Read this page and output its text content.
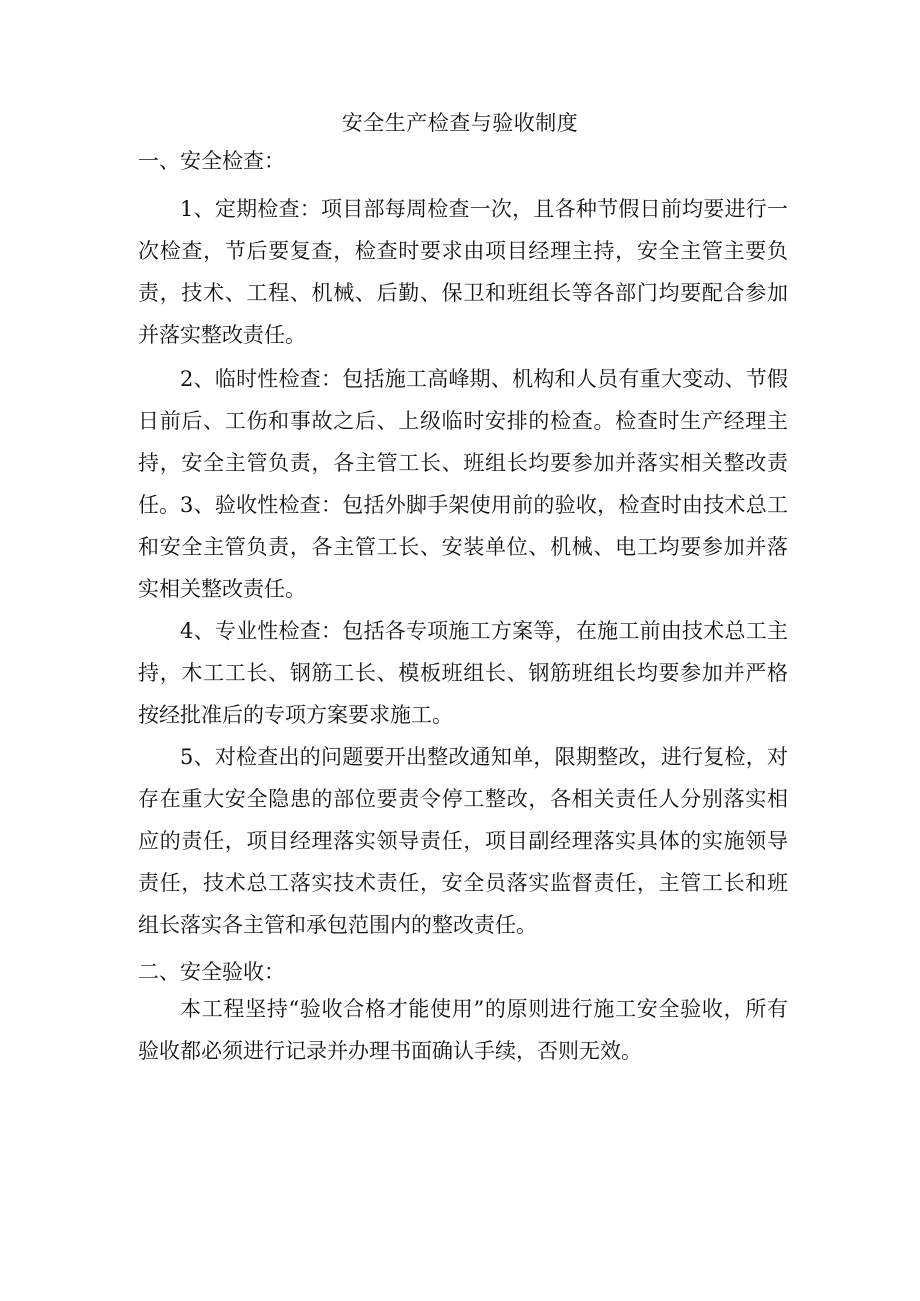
安全生产检查与验收制度
一、安全检查：

1、定期检查：项目部每周检查一次，且各种节假日前均要进行一次检查，节后要复查，检查时要求由项目经理主持，安全主管主要负责，技术、工程、机械、后勤、保卫和班组长等各部门均要配合参加并落实整改责任。

2、临时性检查：包括施工高峰期、机构和人员有重大变动、节假日前后、工伤和事故之后、上级临时安排的检查。检查时生产经理主持，安全主管负责，各主管工长、班组长均要参加并落实相关整改责任。 3、验收性检查：包括外脚手架使用前的验收，检查时由技术总工和安全主管负责，各主管工长、安装单位、机械、电工均要参加并落实相关整改责任。

4、专业性检查：包括各专项施工方案等，在施工前由技术总工主持，木工工长、钢筋工长、模板班组长、钢筋班组长均要参加并严格按经批准后的专项方案要求施工。

5、对检查出的问题要开出整改通知单，限期整改，进行复检，对存在重大安全隐患的部位要责令停工整改，各相关责任人分别落实相应的责任，项目经理落实领导责任，项目副经理落实具体的实施领导责任，技术总工落实技术责任，安全员落实监督责任，主管工长和班组长落实各主管和承包范围内的整改责任。

二、安全验收：

本工程坚持“验收合格才能使用”的原则进行施工安全验收，所有验收都必须进行记录并办理书面确认手续，否则无效。
